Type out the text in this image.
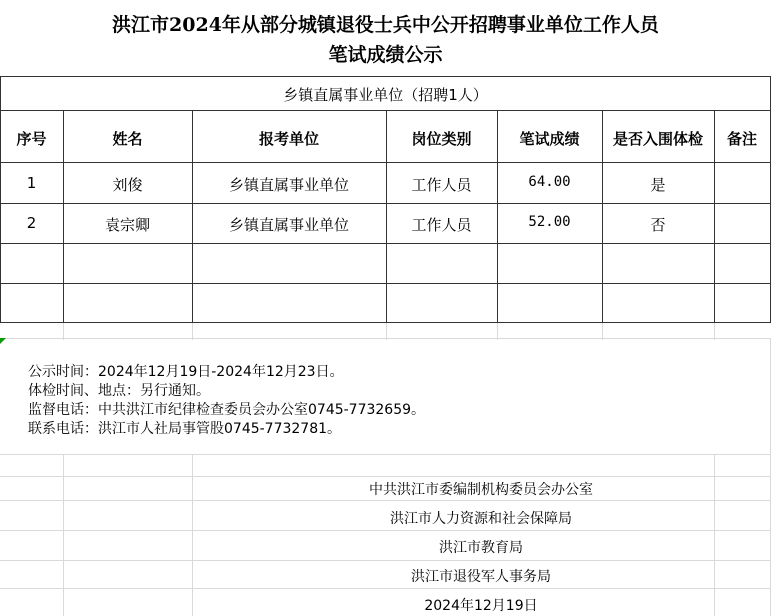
洪江市2024年从部分城镇退役士兵中公开招聘事业单位工作人员
笔试成绩公示
乡镇直属事业单位（招聘1人）
序号	姓名	报考单位	岗位类别	笔试成绩	是否入围体检	备注
1	刘俊	乡镇直属事业单位	工作人员	64.00	是
2	袁宗卿	乡镇直属事业单位	工作人员	52.00	否
公示时间：2024年12月19日-2024年12月23日。
体检时间、地点：另行通知。
监督电话：中共洪江市纪律检查委员会办公室0745-7732659。
联系电话：洪江市人社局事管股0745-7732781。
中共洪江市委编制机构委员会办公室
洪江市人力资源和社会保障局
洪江市教育局
洪江市退役军人事务局
2024年12月19日
